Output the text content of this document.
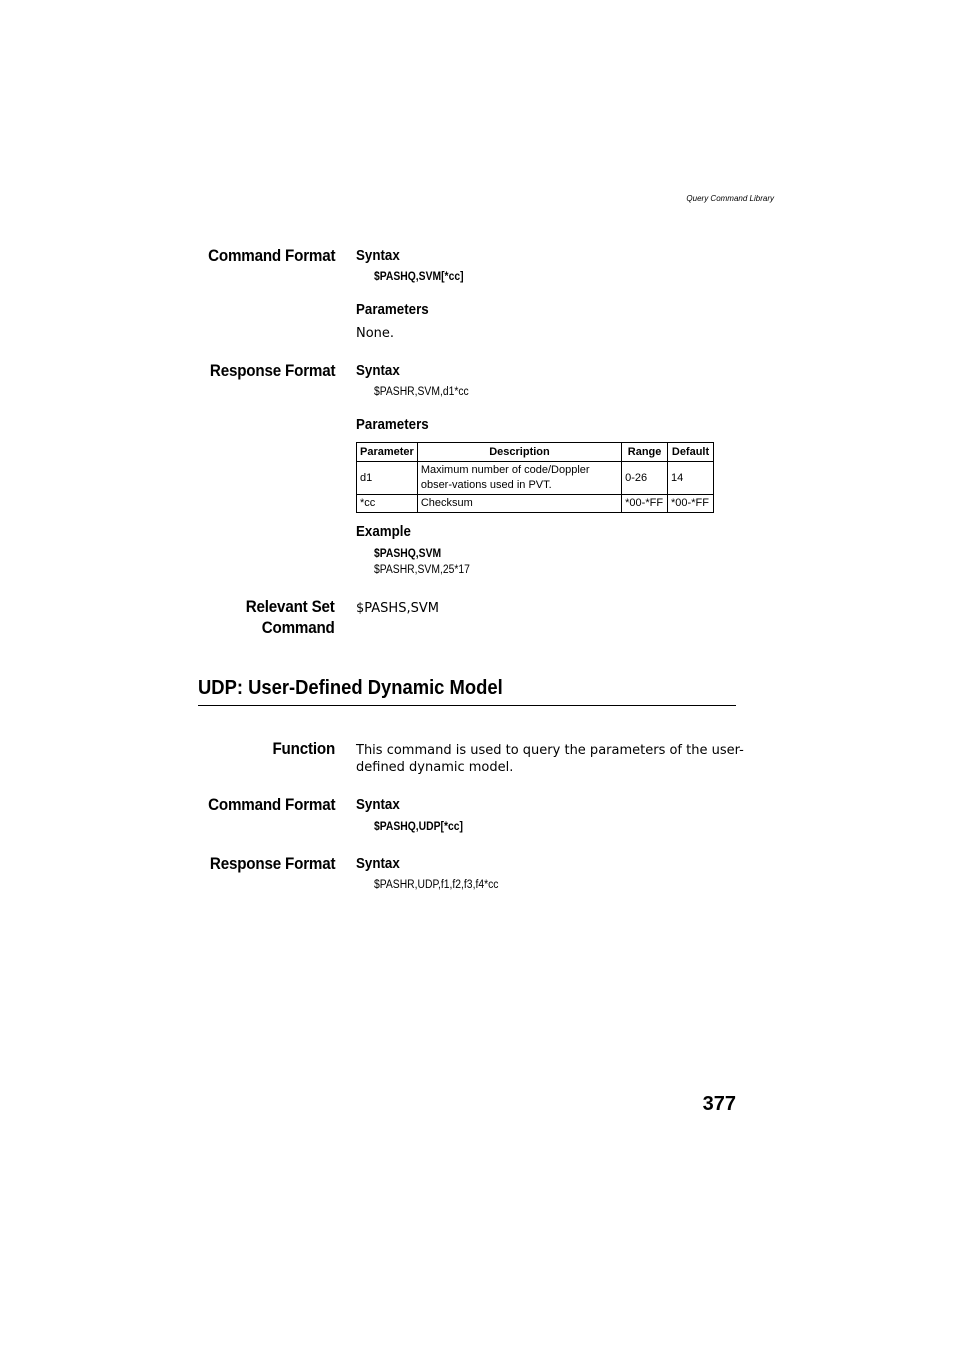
Query Command Library
Command Format Syntax
$PASHQ,SVM[*cc]
Parameters
None.
Response Format Syntax
$PASHR,SVM,d1*cc
Parameters
Parameter	Description	Range	Default
d1	Maximum number of code/Doppler obser-vations used in PVT.	0-26	14
*cc	Checksum	*00-*FF	*00-*FF
Example
$PASHQ,SVM
$PASHR,SVM,25*17
Relevant Set
Command
$PASHS,SVM
UDP: User-Defined Dynamic Model
Function This command is used to query the parameters of the user-
defined dynamic model.
Command Format Syntax
$PASHQ,UDP[*cc]
Response Format Syntax
$PASHR,UDP,f1,f2,f3,f4*cc
377
